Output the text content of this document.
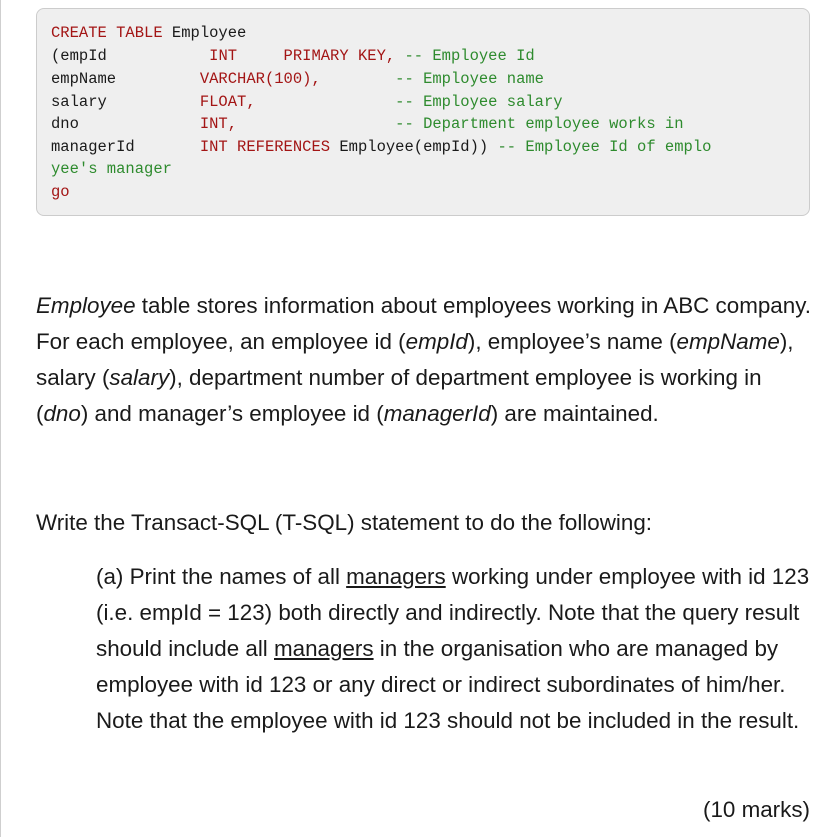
CREATE TABLE Employee
(empId           INT     PRIMARY KEY, -- Employee Id
empName         VARCHAR(100),        -- Employee name
salary          FLOAT,               -- Employee salary
dno             INT,                 -- Department employee works in
managerId       INT REFERENCES Employee(empId)) -- Employee Id of emplo
yee's manager
go
Employee table stores information about employees working in ABC company. For each employee, an employee id (empId), employee’s name (empName), salary (salary), department number of department employee is working in (dno) and manager’s employee id (managerId) are maintained.
Write the Transact-SQL (T-SQL) statement to do the following:
(a) Print the names of all managers working under employee with id 123 (i.e. empId = 123) both directly and indirectly. Note that the query result should include all managers in the organisation who are managed by employee with id 123 or any direct or indirect subordinates of him/her. Note that the employee with id 123 should not be included in the result.
(10 marks)
